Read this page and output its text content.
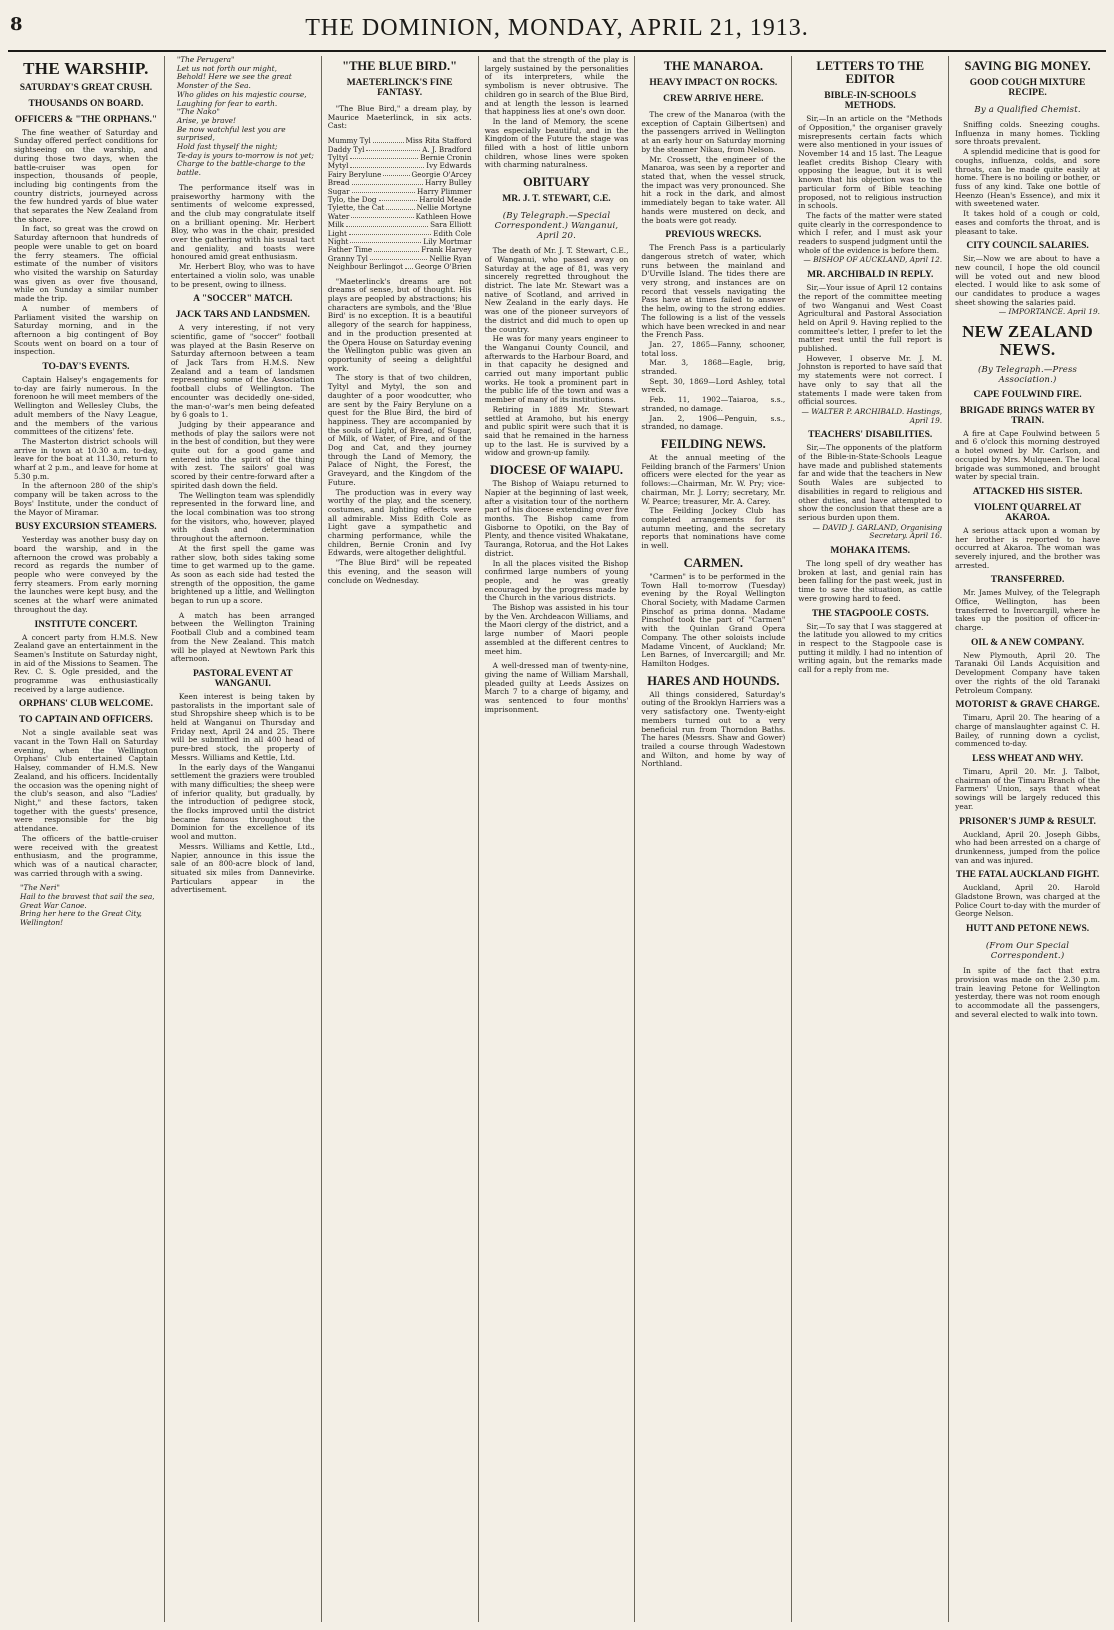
8	THE DOMINION, MONDAY, APRIL 21, 1913.
THE WARSHIP.
SATURDAY'S GREAT CRUSH.
THOUSANDS ON BOARD.
OFFICERS & "THE ORPHANS."
The fine weather of Saturday and Sunday offered perfect conditions for sightseeing on the warship, and during those two days, when the battle-cruiser was open for inspection, thousands of people, including big contingents from the country districts, journeyed across the few hundred yards of blue water that separates the New Zealand from the shore.
In fact, so great was the crowd on Saturday afternoon that hundreds of people were unable to get on board the ferry steamers. The official estimate of the number of visitors who visited the warship on Saturday was given as over five thousand, while on Sunday a similar number made the trip.
A number of members of Parliament visited the warship on Saturday morning, and in the afternoon a big contingent of Boy Scouts went on board on a tour of inspection.
TO-DAY'S EVENTS.
Captain Halsey's engagements for to-day are fairly numerous. In the forenoon he will meet members of the Wellington and Wellesley Clubs, the adult members of the Navy League, and the members of the various committees of the citizens' fete.
The Masterton district schools will arrive in town at 10.30 a.m. to-day, leave for the boat at 11.30, return to wharf at 2 p.m., and leave for home at 5.30 p.m.
In the afternoon 280 of the ship's company will be taken across to the Boys' Institute, under the conduct of the Mayor of Miramar.
BUSY EXCURSION STEAMERS.
Yesterday was another busy day on board the warship, and in the afternoon the crowd was probably a record as regards the number of people who were conveyed by the ferry steamers. From early morning the launches were kept busy, and the scenes at the wharf were animated throughout the day.
INSTITUTE CONCERT.
A concert party from H.M.S. New Zealand gave an entertainment in the Seamen's Institute on Saturday night, in aid of the Missions to Seamen. The Rev. C. S. Ogle presided, and the programme was enthusiastically received by a large audience.
ORPHANS' CLUB WELCOME.
TO CAPTAIN AND OFFICERS.
Not a single available seat was vacant in the Town Hall on Saturday evening, when the Wellington Orphans' Club entertained Captain Halsey, commander of H.M.S. New Zealand, and his officers. Incidentally the occasion was the opening night of the club's season, and also "Ladies' Night," and these factors, taken together with the guests' presence, were responsible for the big attendance.
The officers of the battle-cruiser were received with the greatest enthusiasm, and the programme, which was of a nautical character, was carried through with a swing.
"The Neri"
Hail to the bravest that sail the sea,
Great War Canoe.
Bring her here to the Great City, Wellington!
"The Perugera"
Let us not forth our might,
Behold! Here we see the great Monster of the Sea.
Who glides on his majestic course,
Laughing for fear to earth.
"The Nako"
Arise, ye brave!
Be now watchful lest you are surprised,
Hold fast thyself the night;
Te-day is yours to-morrow is not yet;
Charge to the battle-charge to the battle.
The performance itself was in praiseworthy harmony with the sentiments of welcome expressed, and the club may congratulate itself on a brilliant opening. Mr. Herbert Bloy, who was in the chair, presided over the gathering with his usual tact and geniality, and toasts were honoured amid great enthusiasm.
Mr. Herbert Bloy, who was to have entertained a violin solo, was unable to be present, owing to illness.
A "SOCCER" MATCH.
JACK TARS AND LANDSMEN.
A very interesting, if not very scientific, game of "soccer" football was played at the Basin Reserve on Saturday afternoon between a team of Jack Tars from H.M.S. New Zealand and a team of landsmen representing some of the Association football clubs of Wellington. The encounter was decidedly one-sided, the man-o'-war's men being defeated by 6 goals to 1.
Judging by their appearance and methods of play the sailors were not in the best of condition, but they were quite out for a good game and entered into the spirit of the thing with zest. The sailors' goal was scored by their centre-forward after a spirited dash down the field.
The Wellington team was splendidly represented in the forward line, and the local combination was too strong for the visitors, who, however, played with dash and determination throughout the afternoon.
At the first spell the game was rather slow, both sides taking some time to get warmed up to the game. As soon as each side had tested the strength of the opposition, the game brightened up a little, and Wellington began to run up a score.
A match has been arranged between the Wellington Training Football Club and a combined team from the New Zealand. This match will be played at Newtown Park this afternoon.
PASTORAL EVENT AT WANGANUI.
Keen interest is being taken by pastoralists in the important sale of stud Shropshire sheep which is to be held at Wanganui on Thursday and Friday next, April 24 and 25. There will be submitted in all 400 head of pure-bred stock, the property of Messrs. Williams and Kettle, Ltd.
In the early days of the Wanganui settlement the graziers were troubled with many difficulties; the sheep were of inferior quality, but gradually, by the introduction of pedigree stock, the flocks improved until the district became famous throughout the Dominion for the excellence of its wool and mutton.
Messrs. Williams and Kettle, Ltd., Napier, announce in this issue the sale of an 800-acre block of land, situated six miles from Dannevirke. Particulars appear in the advertisement.
"THE BLUE BIRD."
MAETERLINCK'S FINE FANTASY.
"The Blue Bird," a dream play, by Maurice Maeterlinck, in six acts. Cast:
Mummy Tyl	Miss Rita Stafford
Daddy Tyl	A. J. Bradford
Tyltyl	Bernie Cronin
Mytyl	Ivy Edwards
Fairy Berylune	Georgie O'Arcey
Bread	Harry Bulley
Sugar	Harry Plimmer
Tylo, the Dog	Harold Meade
Tylette, the Cat	Nellie Mortyne
Water	Kathleen Howe
Milk	Sara Elliott
Light	Edith Cole
Night	Lily Mortmar
Father Time	Frank Harvey
Granny Tyl	Nellie Ryan
Neighbour Berlingot George O'Brien
"Maeterlinck's dreams are not dreams of sense, but of thought. His plays are peopled by abstractions; his characters are symbols, and the 'Blue Bird' is no exception. It is a beautiful allegory of the search for happiness, and in the production presented at the Opera House on Saturday evening the Wellington public was given an opportunity of seeing a delightful work.
The story is that of two children, Tyltyl and Mytyl, the son and daughter of a poor woodcutter, who are sent by the Fairy Berylune on a quest for the Blue Bird, the bird of happiness. They are accompanied by the souls of Light, of Bread, of Sugar, of Milk, of Water, of Fire, and of the Dog and Cat, and they journey through the Land of Memory, the Palace of Night, the Forest, the Graveyard, and the Kingdom of the Future.
The production was in every way worthy of the play, and the scenery, costumes, and lighting effects were all admirable. Miss Edith Cole as Light gave a sympathetic and charming performance, while the children, Bernie Cronin and Ivy Edwards, were altogether delightful.
"The Blue Bird" will be repeated this evening, and the season will conclude on Wednesday.
and that the strength of the play is largely sustained by the personalities of its interpreters, while the symbolism is never obtrusive. The children go in search of the Blue Bird, and at length the lesson is learned that happiness lies at one's own door.
In the land of Memory, the scene was especially beautiful, and in the Kingdom of the Future the stage was filled with a host of little unborn children, whose lines were spoken with charming naturalness.
OBITUARY
MR. J. T. STEWART, C.E.
(By Telegraph.—Special Correspondent.) Wanganui, April 20.
The death of Mr. J. T. Stewart, C.E., of Wanganui, who passed away on Saturday at the age of 81, was very sincerely regretted throughout the district. The late Mr. Stewart was a native of Scotland, and arrived in New Zealand in the early days. He was one of the pioneer surveyors of the district and did much to open up the country.
He was for many years engineer to the Wanganui County Council, and afterwards to the Harbour Board, and in that capacity he designed and carried out many important public works. He took a prominent part in the public life of the town and was a member of many of its institutions.
Retiring in 1889 Mr. Stewart settled at Aramoho, but his energy and public spirit were such that it is said that he remained in the harness up to the last. He is survived by a widow and grown-up family.
DIOCESE OF WAIAPU.
The Bishop of Waiapu returned to Napier at the beginning of last week, after a visitation tour of the northern part of his diocese extending over five months. The Bishop came from Gisborne to Opotiki, on the Bay of Plenty, and thence visited Whakatane, Tauranga, Rotorua, and the Hot Lakes district.
In all the places visited the Bishop confirmed large numbers of young people, and he was greatly encouraged by the progress made by the Church in the various districts.
The Bishop was assisted in his tour by the Ven. Archdeacon Williams, and the Maori clergy of the district, and a large number of Maori people assembled at the different centres to meet him.
A well-dressed man of twenty-nine, giving the name of William Marshall, pleaded guilty at Leeds Assizes on March 7 to a charge of bigamy, and was sentenced to four months' imprisonment.
THE MANAROA.
HEAVY IMPACT ON ROCKS.
CREW ARRIVE HERE.
The crew of the Manaroa (with the exception of Captain Gilbertsen) and the passengers arrived in Wellington at an early hour on Saturday morning by the steamer Nikau, from Nelson.
Mr. Crossett, the engineer of the Manaroa, was seen by a reporter and stated that, when the vessel struck, the impact was very pronounced. She hit a rock in the dark, and almost immediately began to take water. All hands were mustered on deck, and the boats were got ready.
PREVIOUS WRECKS.
The French Pass is a particularly dangerous stretch of water, which runs between the mainland and D'Urville Island. The tides there are very strong, and instances are on record that vessels navigating the Pass have at times failed to answer the helm, owing to the strong eddies. The following is a list of the vessels which have been wrecked in and near the French Pass.
Jan. 27, 1865—Fanny, schooner, total loss.
Mar. 3, 1868—Eagle, brig, stranded.
Sept. 30, 1869—Lord Ashley, total wreck.
Feb. 11, 1902—Taiaroa, s.s., stranded, no damage.
Jan. 2, 1906—Penguin, s.s., stranded, no damage.
FEILDING NEWS.
At the annual meeting of the Feilding branch of the Farmers' Union officers were elected for the year as follows:—Chairman, Mr. W. Pry; vice-chairman, Mr. J. Lorry; secretary, Mr. W. Pearce; treasurer, Mr. A. Carey.
The Feilding Jockey Club has completed arrangements for its autumn meeting, and the secretary reports that nominations have come in well.
CARMEN.
"Carmen" is to be performed in the Town Hall to-morrow (Tuesday) evening by the Royal Wellington Choral Society, with Madame Carmen Pinschof as prima donna. Madame Pinschof took the part of "Carmen" with the Quinlan Grand Opera Company. The other soloists include Madame Vincent, of Auckland; Mr. Len Barnes, of Invercargill; and Mr. Hamilton Hodges.
HARES AND HOUNDS.
All things considered, Saturday's outing of the Brooklyn Harriers was a very satisfactory one. Twenty-eight members turned out to a very beneficial run from Thorndon Baths. The hares (Messrs. Shaw and Gower) trailed a course through Wadestown and Wilton, and home by way of Northland.
LETTERS TO THE EDITOR
BIBLE-IN-SCHOOLS METHODS.
Sir,—In an article on the "Methods of Opposition," the organiser gravely misrepresents certain facts which were also mentioned in your issues of November 14 and 15 last. The League leaflet credits Bishop Cleary with opposing the league, but it is well known that his objection was to the particular form of Bible teaching proposed, not to religious instruction in schools.
The facts of the matter were stated quite clearly in the correspondence to which I refer, and I must ask your readers to suspend judgment until the whole of the evidence is before them.
— BISHOP OF AUCKLAND, April 12.
MR. ARCHIBALD IN REPLY.
Sir,—Your issue of April 12 contains the report of the committee meeting of two Wanganui and West Coast Agricultural and Pastoral Association held on April 9. Having replied to the committee's letter, I prefer to let the matter rest until the full report is published.
However, I observe Mr. J. M. Johnston is reported to have said that my statements were not correct. I have only to say that all the statements I made were taken from official sources.
— WALTER P. ARCHIBALD. Hastings, April 19.
TEACHERS' DISABILITIES.
Sir,—The opponents of the platform of the Bible-in-State-Schools League have made and published statements far and wide that the teachers in New South Wales are subjected to disabilities in regard to religious and other duties, and have attempted to show the conclusion that these are a serious burden upon them.
— DAVID J. GARLAND, Organising Secretary. April 16.
MOHAKA ITEMS.
The long spell of dry weather has broken at last, and genial rain has been falling for the past week, just in time to save the situation, as cattle were growing hard to feed.
THE STAGPOOLE COSTS.
Sir,—To say that I was staggered at the latitude you allowed to my critics in respect to the Stagpoole case is putting it mildly. I had no intention of writing again, but the remarks made call for a reply from me.
SAVING BIG MONEY.
GOOD COUGH MIXTURE RECIPE.
By a Qualified Chemist.
Sniffing colds. Sneezing coughs. Influenza in many homes. Tickling sore throats prevalent.
A splendid medicine that is good for coughs, influenza, colds, and sore throats, can be made quite easily at home. There is no boiling or bother, or fuss of any kind. Take one bottle of Heenzo (Hean's Essence), and mix it with sweetened water.
It takes hold of a cough or cold, eases and comforts the throat, and is pleasant to take.
CITY COUNCIL SALARIES.
Sir,—Now we are about to have a new council, I hope the old council will be voted out and new blood elected. I would like to ask some of our candidates to produce a wages sheet showing the salaries paid.
— IMPORTANCE. April 19.
NEW ZEALAND NEWS.
(By Telegraph.—Press Association.)
CAPE FOULWIND FIRE.
BRIGADE BRINGS WATER BY TRAIN.
A fire at Cape Foulwind between 5 and 6 o'clock this morning destroyed a hotel owned by Mr. Carlson, and occupied by Mrs. Mulqueen. The local brigade was summoned, and brought water by special train.
ATTACKED HIS SISTER.
VIOLENT QUARREL AT AKAROA.
A serious attack upon a woman by her brother is reported to have occurred at Akaroa. The woman was severely injured, and the brother was arrested.
TRANSFERRED.
Mr. James Mulvey, of the Telegraph Office, Wellington, has been transferred to Invercargill, where he takes up the position of officer-in-charge.
OIL & A NEW COMPANY.
New Plymouth, April 20. The Taranaki Oil Lands Acquisition and Development Company have taken over the rights of the old Taranaki Petroleum Company.
MOTORIST & GRAVE CHARGE.
Timaru, April 20. The hearing of a charge of manslaughter against C. H. Bailey, of running down a cyclist, commenced to-day.
LESS WHEAT AND WHY.
Timaru, April 20. Mr. J. Talbot, chairman of the Timaru Branch of the Farmers' Union, says that wheat sowings will be largely reduced this year.
PRISONER'S JUMP & RESULT.
Auckland, April 20. Joseph Gibbs, who had been arrested on a charge of drunkenness, jumped from the police van and was injured.
THE FATAL AUCKLAND FIGHT.
Auckland, April 20. Harold Gladstone Brown, was charged at the Police Court to-day with the murder of George Nelson.
HUTT AND PETONE NEWS.
(From Our Special Correspondent.)
In spite of the fact that extra provision was made on the 2.30 p.m. train leaving Petone for Wellington yesterday, there was not room enough to accommodate all the passengers, and several elected to walk into town.
